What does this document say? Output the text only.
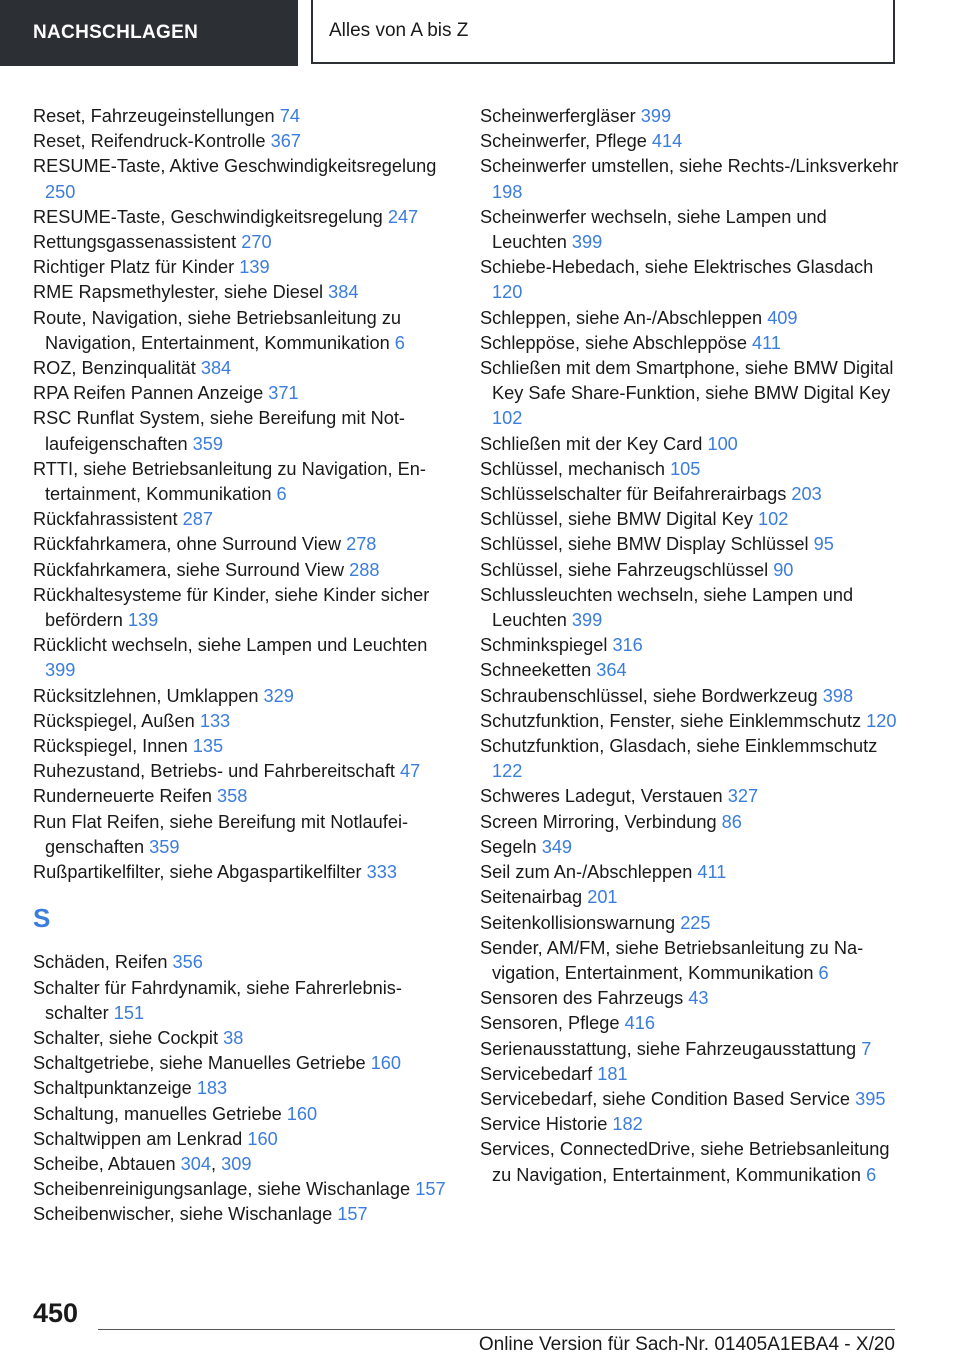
NACHSCHLAGEN	Alles von A bis Z
Reset, Fahrzeugeinstellungen 74
Reset, Reifendruck-Kontrolle 367
RESUME-Taste, Aktive Geschwindigkeitsregelung 250
RESUME-Taste, Geschwindigkeitsregelung 247
Rettungsgassenassistent 270
Richtiger Platz für Kinder 139
RME Rapsmethylester, siehe Diesel 384
Route, Navigation, siehe Betriebsanleitung zu Navigation, Entertainment, Kommunikation 6
ROZ, Benzinqualität 384
RPA Reifen Pannen Anzeige 371
RSC Runflat System, siehe Bereifung mit Notlaufeigenschaften 359
RTTI, siehe Betriebsanleitung zu Navigation, Entertainment, Kommunikation 6
Rückfahrassistent 287
Rückfahrkamera, ohne Surround View 278
Rückfahrkamera, siehe Surround View 288
Rückhaltesysteme für Kinder, siehe Kinder sicher befördern 139
Rücklicht wechseln, siehe Lampen und Leuchten 399
Rücksitzlehnen, Umklappen 329
Rückspiegel, Außen 133
Rückspiegel, Innen 135
Ruhezustand, Betriebs- und Fahrbereitschaft 47
Runderneuerte Reifen 358
Run Flat Reifen, siehe Bereifung mit Notlaufeigenschaften 359
Rußpartikelfilter, siehe Abgaspartikelfilter 333
S
Schäden, Reifen 356
Schalter für Fahrdynamik, siehe Fahrerlebnisschalter 151
Schalter, siehe Cockpit 38
Schaltgetriebe, siehe Manuelles Getriebe 160
Schaltpunktanzeige 183
Schaltung, manuelles Getriebe 160
Schaltwippen am Lenkrad 160
Scheibe, Abtauen 304, 309
Scheibenreinigungsanlage, siehe Wischanlage 157
Scheibenwischer, siehe Wischanlage 157
Scheinwerfergläser 399
Scheinwerfer, Pflege 414
Scheinwerfer umstellen, siehe Rechts-/Linksverkehr 198
Scheinwerfer wechseln, siehe Lampen und Leuchten 399
Schiebe-Hebedach, siehe Elektrisches Glasdach 120
Schleppen, siehe An-/Abschleppen 409
Schleppöse, siehe Abschleppöse 411
Schließen mit dem Smartphone, siehe BMW Digital Key Safe Share-Funktion, siehe BMW Digital Key 102
Schließen mit der Key Card 100
Schlüssel, mechanisch 105
Schlüsselschalter für Beifahrerairbags 203
Schlüssel, siehe BMW Digital Key 102
Schlüssel, siehe BMW Display Schlüssel 95
Schlüssel, siehe Fahrzeugschlüssel 90
Schlussleuchten wechseln, siehe Lampen und Leuchten 399
Schminkspiegel 316
Schneeketten 364
Schraubenschlüssel, siehe Bordwerkzeug 398
Schutzfunktion, Fenster, siehe Einklemmschutz 120
Schutzfunktion, Glasdach, siehe Einklemmschutz 122
Schweres Ladegut, Verstauen 327
Screen Mirroring, Verbindung 86
Segeln 349
Seil zum An-/Abschleppen 411
Seitenairbag 201
Seitenkollisionswarnung 225
Sender, AM/FM, siehe Betriebsanleitung zu Navigation, Entertainment, Kommunikation 6
Sensoren des Fahrzeugs 43
Sensoren, Pflege 416
Serienausstattung, siehe Fahrzeugausstattung 7
Servicebedarf 181
Servicebedarf, siehe Condition Based Service 395
Service Historie 182
Services, ConnectedDrive, siehe Betriebsanleitung zu Navigation, Entertainment, Kommunikation 6
450
Online Version für Sach-Nr. 01405A1EBA4 - X/20
